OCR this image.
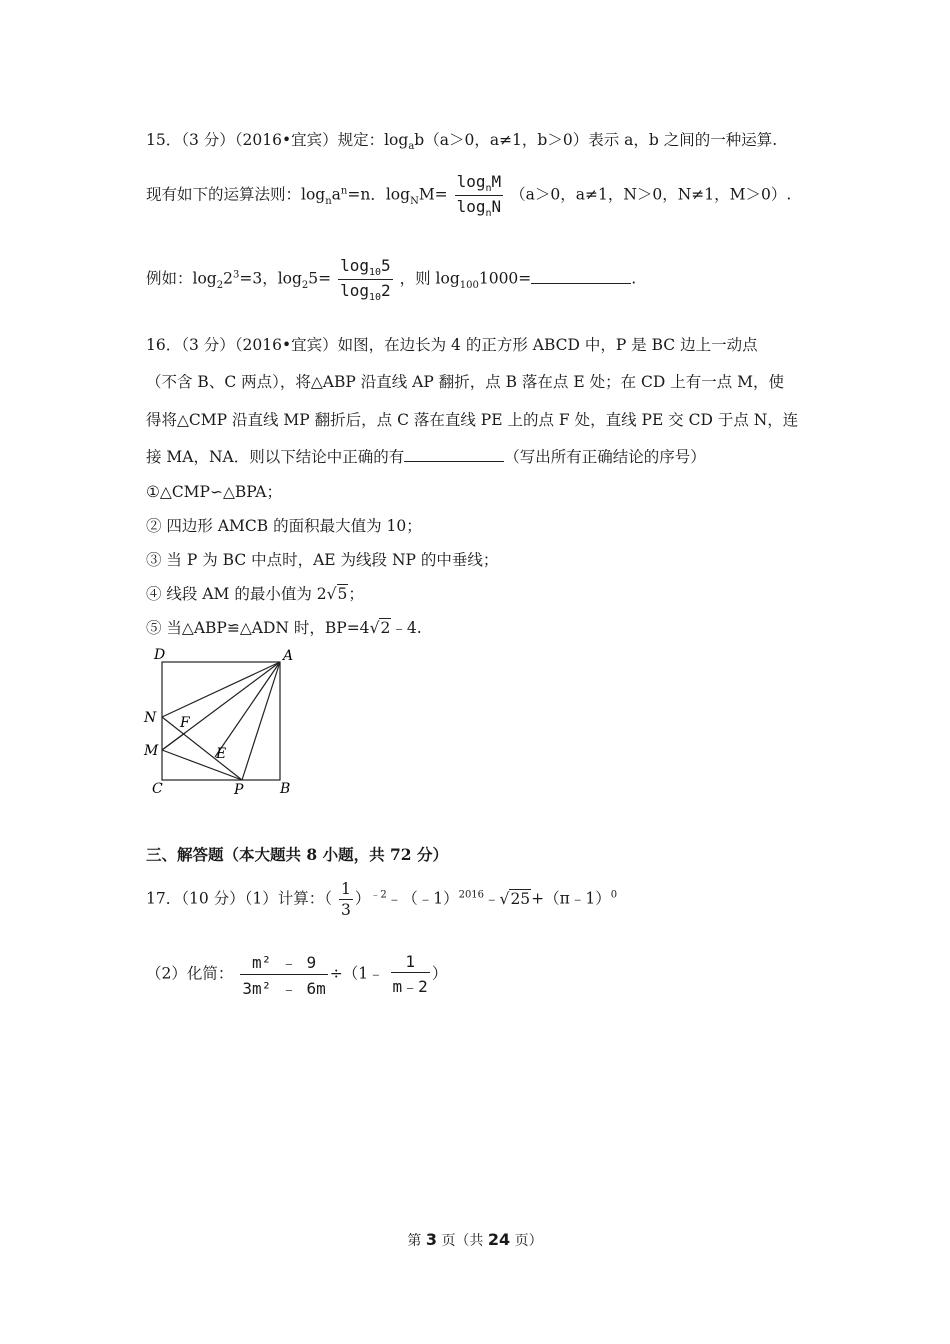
15．（3 分）（2016•宜宾）规定：$\log_ab(a>0$，a≠1，b＞0）表示 a，b 之间的一种运算.
现有如下的运算法则：$\log_na^n=n$．$\log_NM= \frac{\log_nM}{\log_nN} (a>0$，a≠1，N＞0，N≠1，M＞0）.
例如：$\log_22^3=3$，$\log_25= \frac{\log_{10}5}{\log_{10}2}$ ，则 $\log_{100}1000=$	.
16．（3 分）（2016•宜宾）如图，在边长为 4 的正方形 ABCD 中，P 是 BC 边上一动点
（不含 B、C 两点），将△ABP 沿直线 AP 翻折，点 B 落在点 E 处；在 CD 上有一点 M，使
得将△CMP 沿直线 MP 翻折后，点 C 落在直线 PE 上的点 F 处，直线 PE 交 CD 于点 N，连
接 MA，NA．则以下结论中正确的有	（写出所有正确结论的序号）
①△CMP∽△BPA；
② 四边形 AMCB 的面积最大值为 10；
③ 当 P 为 BC 中点时，AE 为线段 NP 的中垂线；
④ 线段 AM 的最小值为 2√5；
⑤ 当△ABP≌△ADN 时，BP=4√2﹣4.
D	A
N F
M	E
C	P	B
三、解答题（本大题共 8 小题，共 72 分）
17．（10 分）（1）计算：（ $\frac{1}{3}$ ）$^{﹣2}$﹣（﹣1）$^{2016}$﹣√25+（π﹣1）$^0$
（2）化简： $\frac{\text{m² ﹣ 9}}{\text{3m² ﹣ 6m}}$ ÷（1﹣ $\frac{1}{m﹣2}$ ）
第 3 页（共 24 页）
